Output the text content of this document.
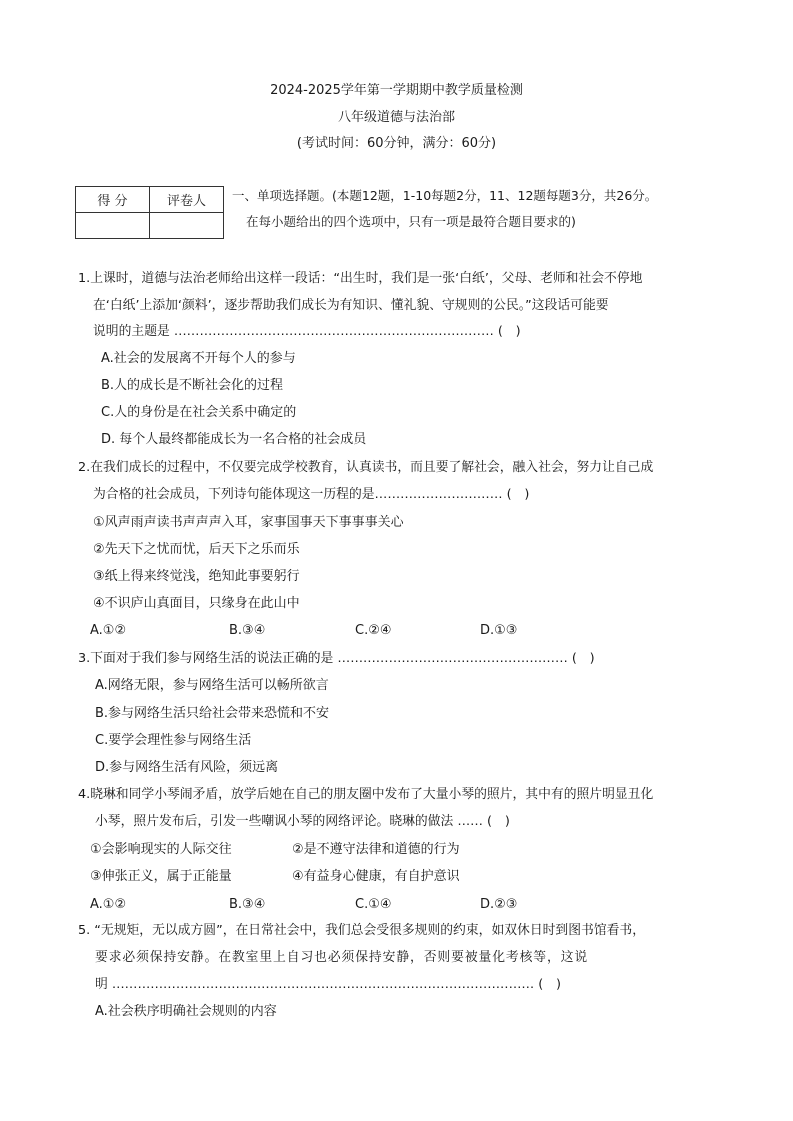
2024-2025学年第一学期期中教学质量检测
八年级道德与法治部
(考试时间：60分钟，满分：60分)
得 分	评卷人
	一、单项选择题。(本题12题，1-10每题2分，11、12题每题3分，共26分。
在每小题给出的四个选项中，只有一项是最符合题目要求的)
1.上课时，道德与法治老师给出这样一段话：“出生时，我们是一张‘白纸’，父母、老师和社会不停地
在‘白纸’上添加‘颜料’，逐步帮助我们成长为有知识、懂礼貌、守规则的公民。”这段话可能要
说明的主题是 ………………………………………………………………… (　)
A.社会的发展离不开每个人的参与
B.人的成长是不断社会化的过程
C.人的身份是在社会关系中确定的
D. 每个人最终都能成长为一名合格的社会成员
2.在我们成长的过程中，不仅要完成学校教育，认真读书，而且要了解社会，融入社会，努力让自己成
为合格的社会成员，下列诗句能体现这一历程的是………………………… (　)
①风声雨声读书声声声入耳，家事国事天下事事事关心
②先天下之忧而忧，后天下之乐而乐
③纸上得来终觉浅，绝知此事要躬行
④不识庐山真面目，只缘身在此山中
A.①②	B.③④	C.②④	D.①③
3.下面对于我们参与网络生活的说法正确的是 ……………………………………………… (　)
A.网络无限，参与网络生活可以畅所欲言
B.参与网络生活只给社会带来恐慌和不安
C.要学会理性参与网络生活
D.参与网络生活有风险，须远离
4.晓琳和同学小琴闹矛盾，放学后她在自己的朋友圈中发布了大量小琴的照片，其中有的照片明显丑化
小琴，照片发布后，引发一些嘲讽小琴的网络评论。晓琳的做法 …… (　)
①会影响现实的人际交往	②是不遵守法律和道德的行为
③伸张正义，属于正能量	④有益身心健康，有自护意识
A.①②	B.③④	C.①④	D.②③
5. “无规矩，无以成方圆”，在日常社会中，我们总会受很多规则的约束，如双休日时到图书馆看书，
要求必须保持安静。在教室里上自习也必须保持安静，否则要被量化考核等，这说
明 ……………………………………………………………………………………… (　)
A.社会秩序明确社会规则的内容
